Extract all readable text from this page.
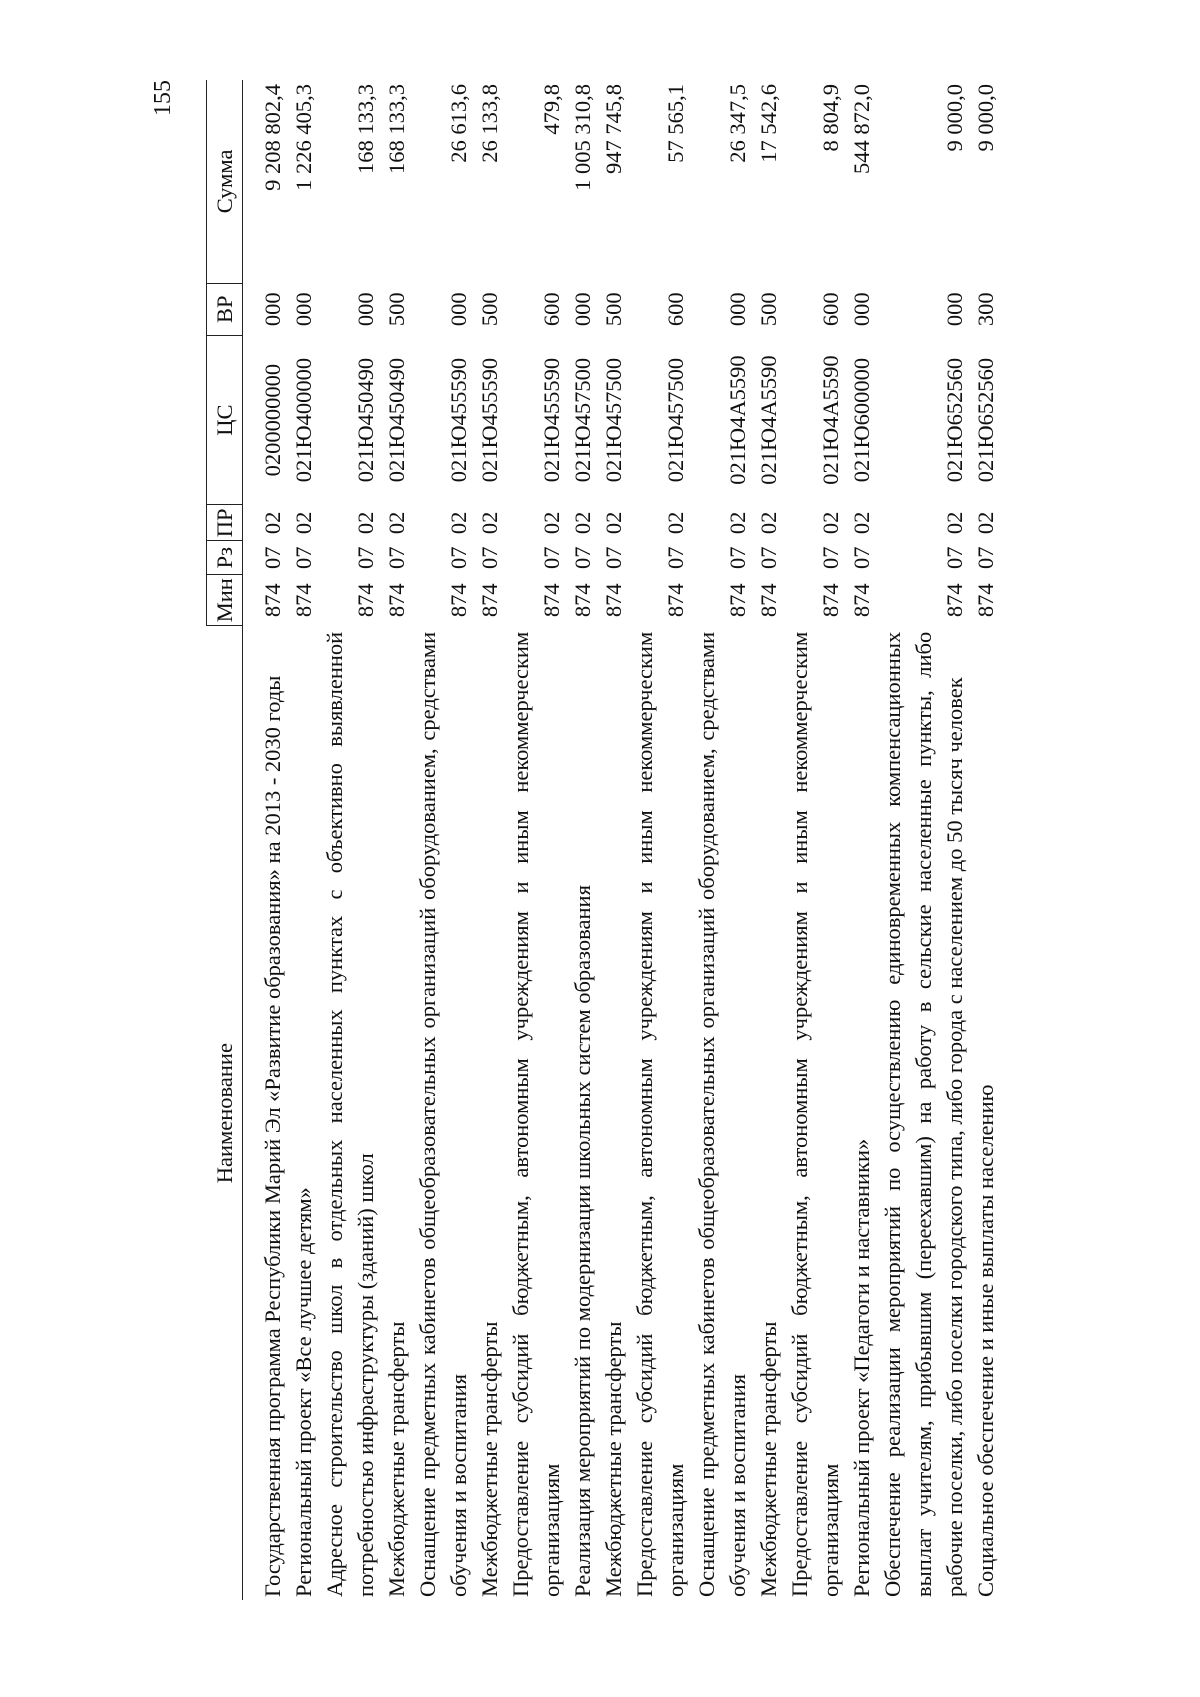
155
Наименование	Мин	Рз	ПР	ЦС	ВР	Сумма
Государственная программа Республики Марий Эл «Развитие образования» на 2013 - 2030 годы	874	07	02	0200000000	000	9 208 802,4
Региональный проект «Все лучшее детям»	874	07	02	021Ю400000	000	1 226 405,3
Адресное строительство школ в отдельных населенных пунктах с объективно выявленной потребностью инфраструктуры (зданий) школ	874	07	02	021Ю450490	000	168 133,3
Межбюджетные трансферты	874	07	02	021Ю450490	500	168 133,3
Оснащение предметных кабинетов общеобразовательных организаций оборудованием, средствами обучения и воспитания	874	07	02	021Ю455590	000	26 613,6
Межбюджетные трансферты	874	07	02	021Ю455590	500	26 133,8
Предоставление субсидий бюджетным, автономным учреждениям и иным некоммерческим организациям	874	07	02	021Ю455590	600	479,8
Реализация мероприятий по модернизации школьных систем образования	874	07	02	021Ю457500	000	1 005 310,8
Межбюджетные трансферты	874	07	02	021Ю457500	500	947 745,8
Предоставление субсидий бюджетным, автономным учреждениям и иным некоммерческим организациям	874	07	02	021Ю457500	600	57 565,1
Оснащение предметных кабинетов общеобразовательных организаций оборудованием, средствами обучения и воспитания	874	07	02	021Ю4А5590	000	26 347,5
Межбюджетные трансферты	874	07	02	021Ю4А5590	500	17 542,6
Предоставление субсидий бюджетным, автономным учреждениям и иным некоммерческим организациям	874	07	02	021Ю4А5590	600	8 804,9
Региональный проект «Педагоги и наставники»	874	07	02	021Ю600000	000	544 872,0
Обеспечение реализации мероприятий по осуществлению единовременных компенсационных выплат учителям, прибывшим (переехавшим) на работу в сельские населенные пункты, либо рабочие поселки, либо поселки городского типа, либо города с населением до 50 тысяч человек	874	07	02	021Ю652560	000	9 000,0
Социальное обеспечение и иные выплаты населению	874	07	02	021Ю652560	300	9 000,0
